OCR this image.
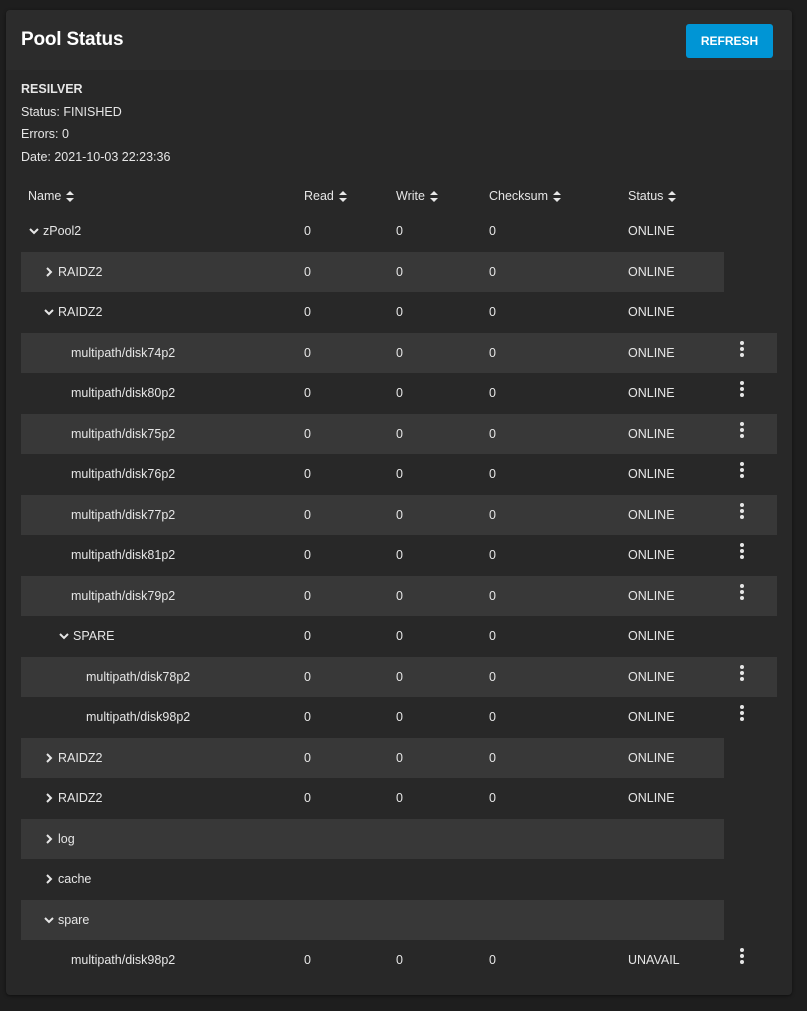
Pool Status	REFRESH
RESILVER
Status: FINISHED
Errors: 0
Date: 2021-10-03 22:23:36
Name	Read	Write	Checksum	Status
zPool2	0	0	0	ONLINE
RAIDZ2	0	0	0	ONLINE
RAIDZ2	0	0	0	ONLINE
multipath/disk74p2	0	0	0	ONLINE
multipath/disk80p2	0	0	0	ONLINE
multipath/disk75p2	0	0	0	ONLINE
multipath/disk76p2	0	0	0	ONLINE
multipath/disk77p2	0	0	0	ONLINE
multipath/disk81p2	0	0	0	ONLINE
multipath/disk79p2	0	0	0	ONLINE
SPARE	0	0	0	ONLINE
multipath/disk78p2	0	0	0	ONLINE
multipath/disk98p2	0	0	0	ONLINE
RAIDZ2	0	0	0	ONLINE
RAIDZ2	0	0	0	ONLINE
log
cache
spare
multipath/disk98p2	0	0	0	UNAVAIL
